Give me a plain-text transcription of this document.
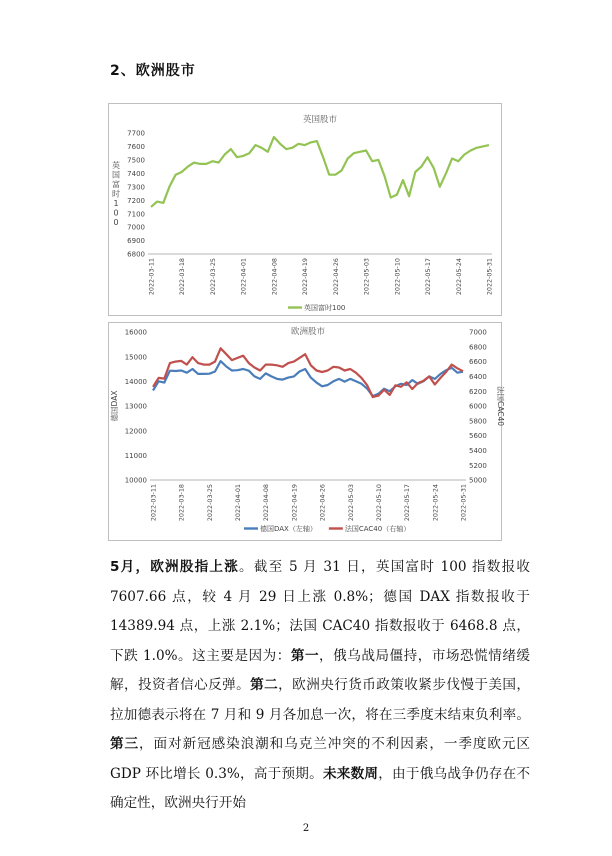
2、欧洲股市
英国股市
7700
7600
7500
7400
7300
7200
7100
7000
6900
6800
2022-03-11	2022-03-18	2022-03-25	2022-04-01	2022-04-08	2022-04-19	2022-04-26	2022-05-03	2022-05-10	2022-05-17	2022-05-24	2022-05-31
英国富时 1 0 0
英国富时100
欧洲股市
16000
15000
14000
13000
12000
11000
10000
7000
6800
6600
6400
6200
6000
5800
5600
5400
5200
5000
2022-03-11	2022-03-18	2022-03-25	2022-04-01	2022-04-08	2022-04-19	2022-04-26	2022-05-03	2022-05-10	2022-05-17	2022-05-24	2022-05-31
德国DAX	法国CAC40
德国DAX（左轴）	法国CAC40（右轴）
5月，欧洲股指上涨。截至 5 月 31 日，英国富时 100 指数报收 7607.66 点，较 4 月 29 日上涨 0.8%；德国 DAX 指数报收于 14389.94 点，上涨 2.1%；法国 CAC40 指数报收于 6468.8 点，下跌 1.0%。这主要是因为：第一，俄乌战局僵持，市场恐慌情绪缓解，投资者信心反弹。第二，欧洲央行货币政策收紧步伐慢于美国，拉加德表示将在 7 月和 9 月各加息一次，将在三季度末结束负利率。第三，面对新冠感染浪潮和乌克兰冲突的不利因素，一季度欧元区 GDP 环比增长 0.3%，高于预期。未来数周，由于俄乌战争仍存在不确定性，欧洲央行开始
2
